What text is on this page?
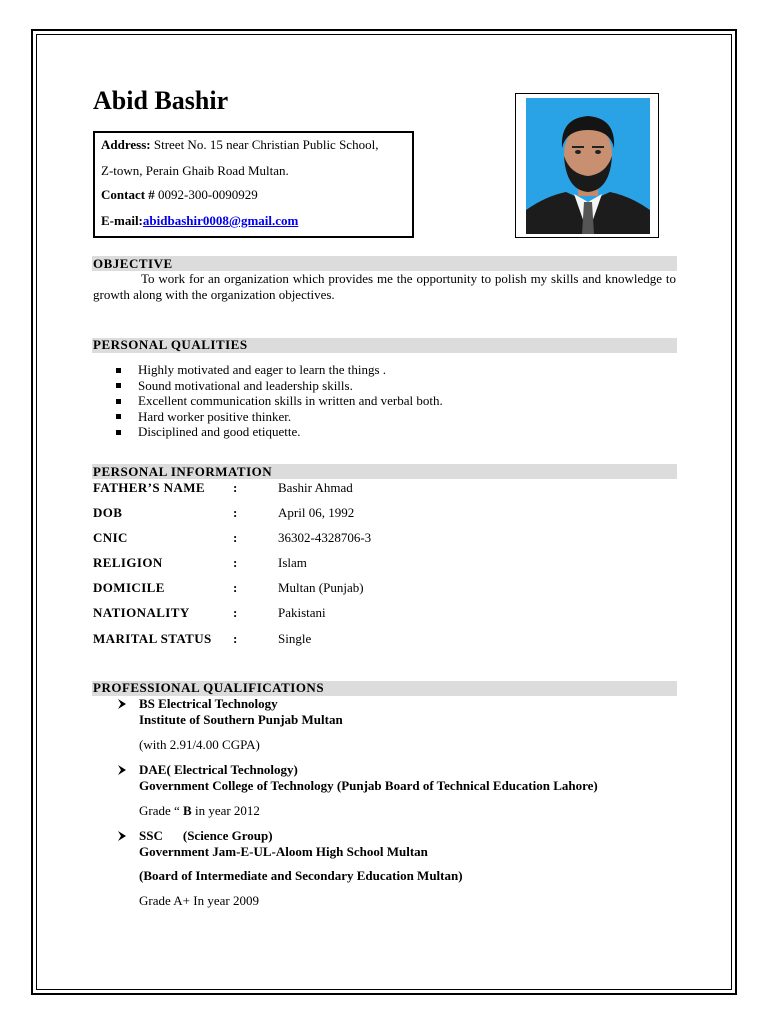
Abid Bashir
Address: Street No. 15 near Christian Public School,
Z-town, Perain Ghaib Road Multan.
Contact # 0092-300-0090929
E-mail:abidbashir0008@gmail.com
OBJECTIVE
To work for an organization which provides me the opportunity to polish my skills and knowledge to growth along with the organization objectives.
PERSONAL QUALITIES
Highly motivated and eager to learn the things .
Sound motivational and leadership skills.
Excellent communication skills in written and verbal both.
Hard worker positive thinker.
Disciplined and good etiquette.
PERSONAL INFORMATION
FATHER’S NAME :	Bashir Ahmad
DOB	:	April 06, 1992
CNIC	:	36302-4328706-3
RELIGION	:	Islam
DOMICILE	:	Multan (Punjab)
NATIONALITY	:	Pakistani
MARITAL STATUS :	Single
PROFESSIONAL QUALIFICATIONS
BS Electrical Technology
Institute of Southern Punjab Multan
(with 2.91/4.00 CGPA)
DAE( Electrical Technology)
Government College of Technology (Punjab Board of Technical Education Lahore)
Grade “ B in year 2012
SSC (Science Group)
Government Jam-E-UL-Aloom High School Multan
(Board of Intermediate and Secondary Education Multan)
Grade A+ In year 2009
